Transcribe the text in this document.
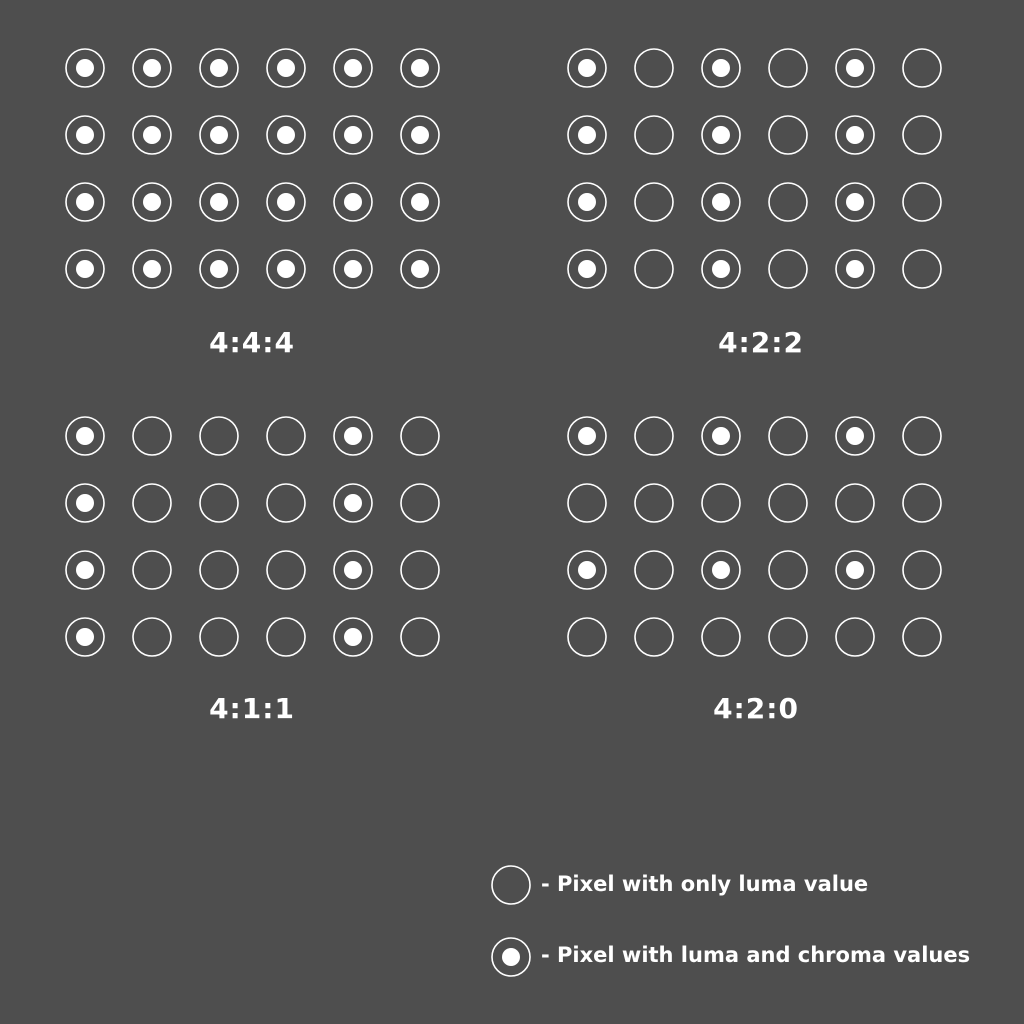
4:4:4	4:2:2
4:1:1	4:2:0
- Pixel with only luma value
- Pixel with luma and chroma values
